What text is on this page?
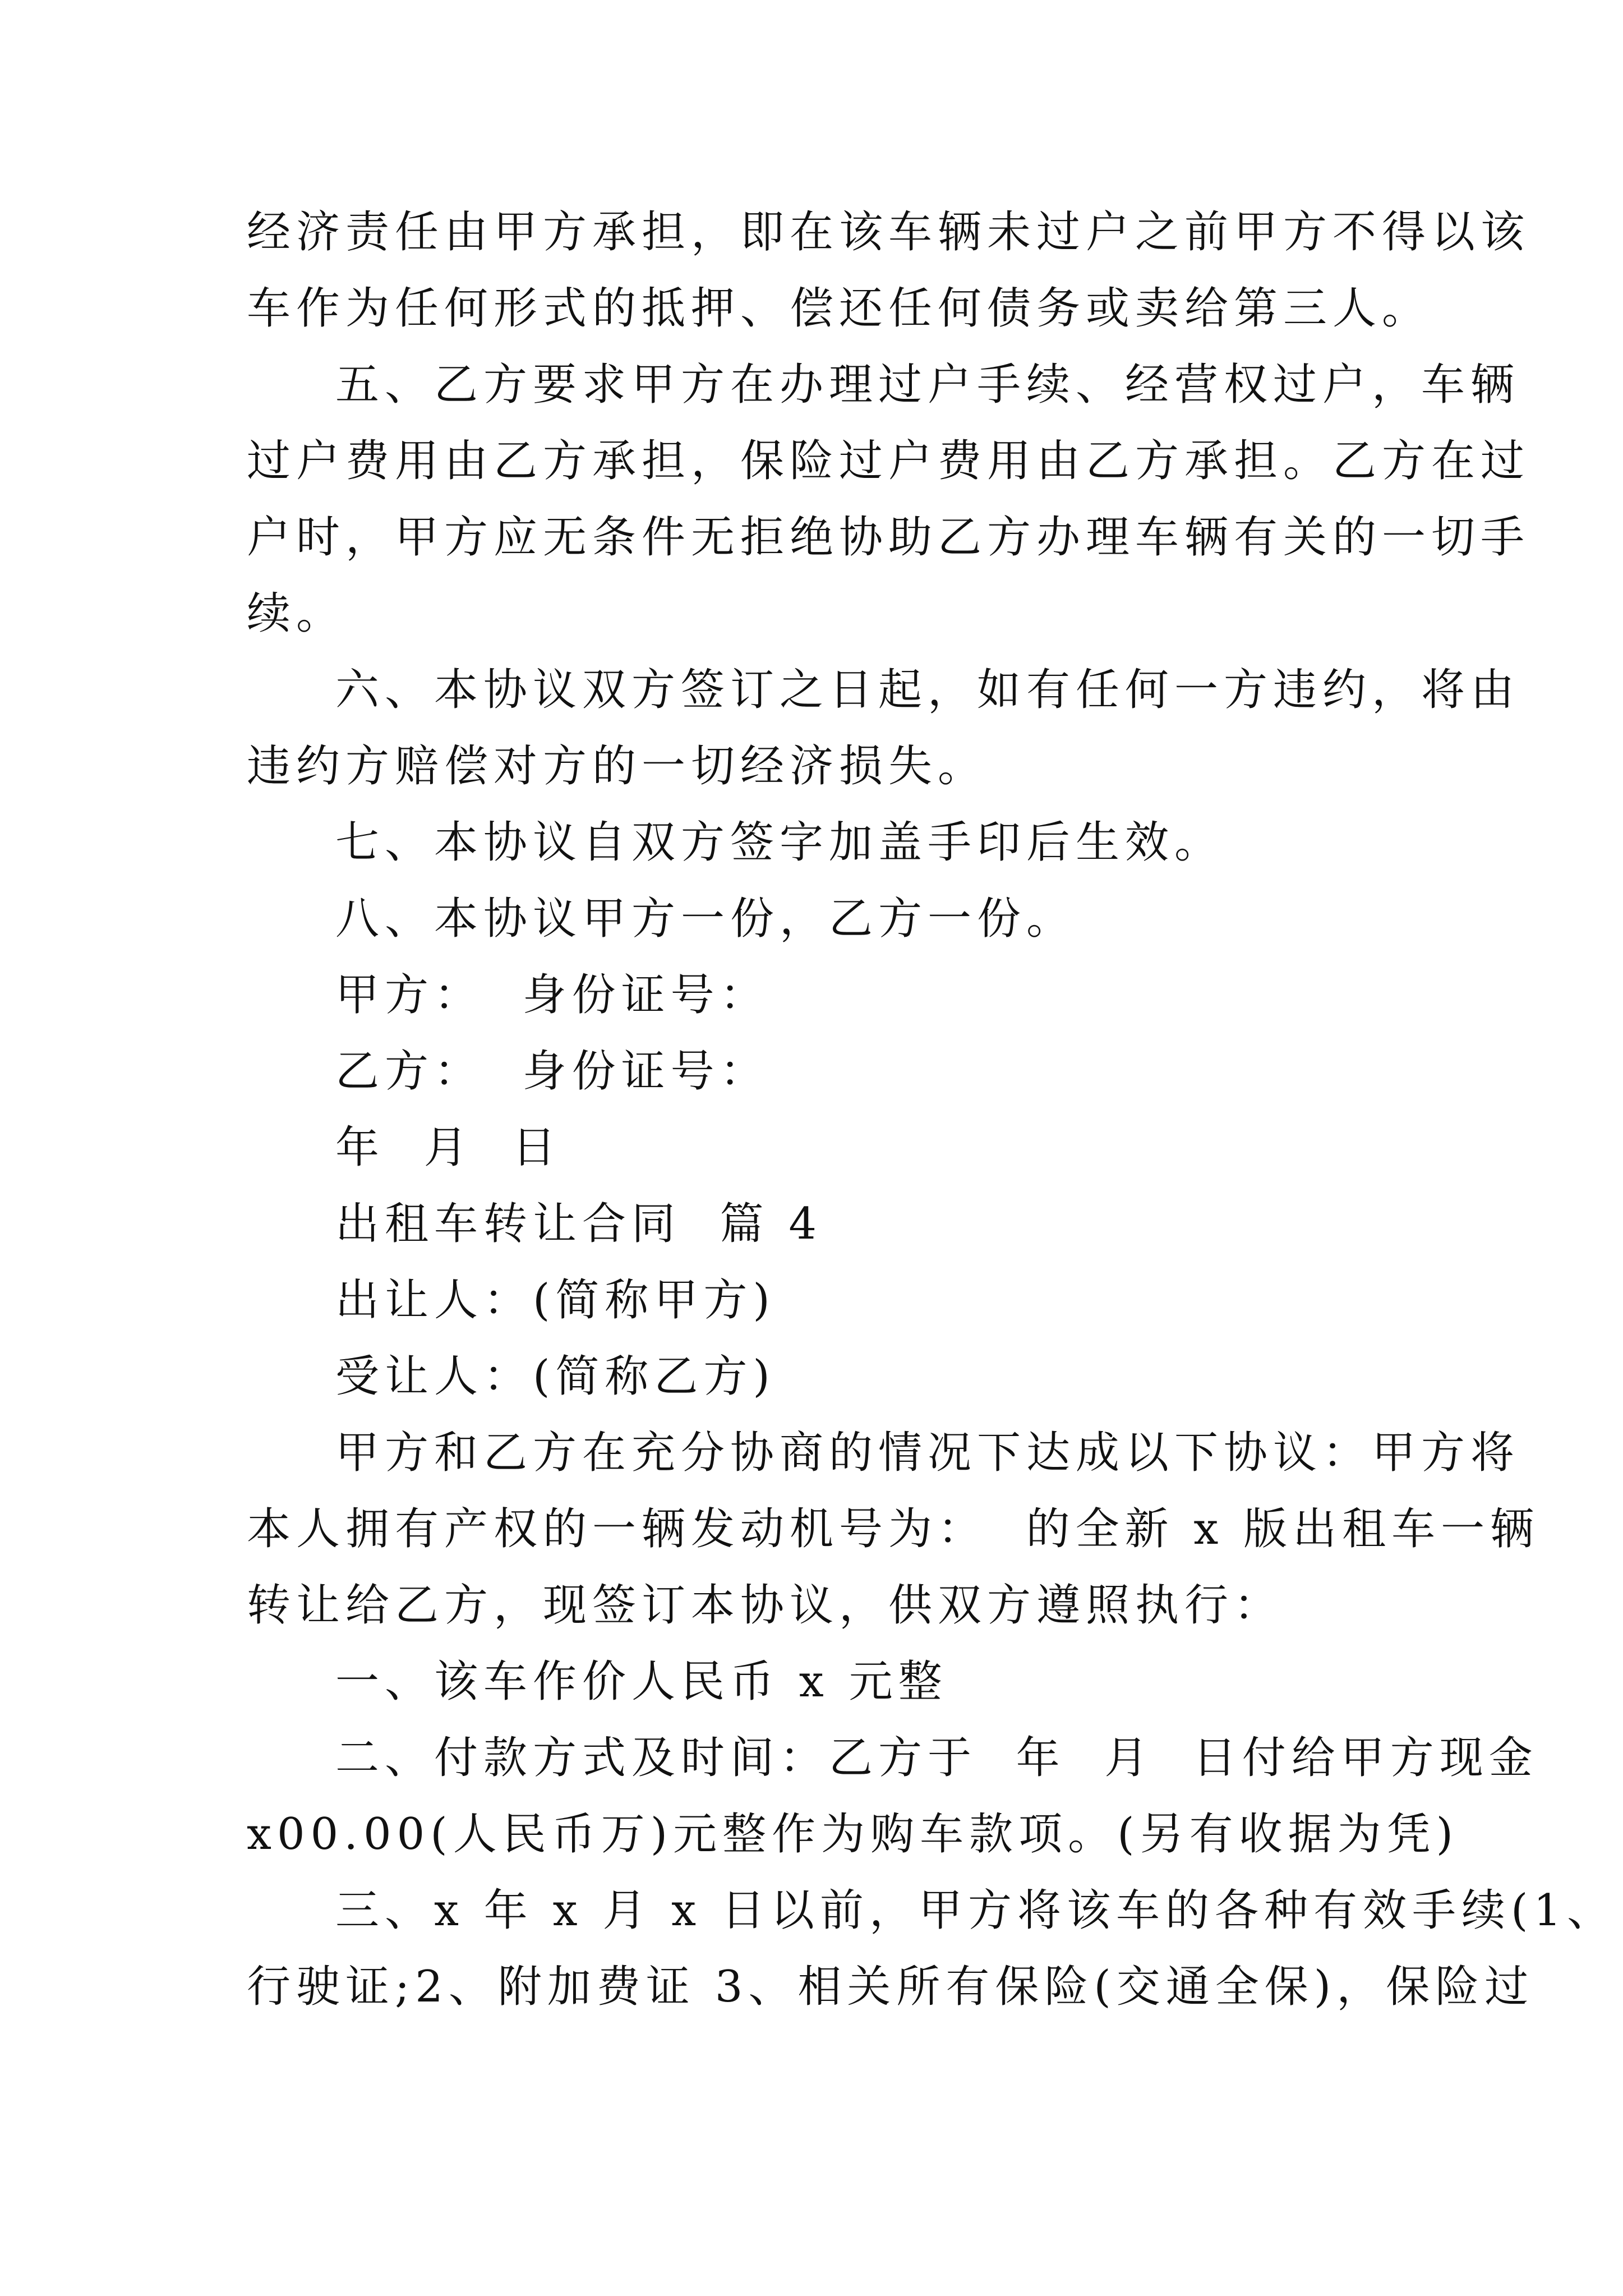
经济责任由甲方承担，即在该车辆未过户之前甲方不得以该
车作为任何形式的抵押、偿还任何债务或卖给第三人。
五、乙方要求甲方在办理过户手续、经营权过户，车辆
过户费用由乙方承担，保险过户费用由乙方承担。乙方在过
户时，甲方应无条件无拒绝协助乙方办理车辆有关的一切手
续。
六、本协议双方签订之日起，如有任何一方违约，将由
违约方赔偿对方的一切经济损失。
七、本协议自双方签字加盖手印后生效。
八、本协议甲方一份，乙方一份。
甲方：  身份证号：
乙方：  身份证号：
年  月  日
出租车转让合同  篇 4
出让人：(简称甲方)
受让人：(简称乙方)
甲方和乙方在充分协商的情况下达成以下协议：甲方将
本人拥有产权的一辆发动机号为：  的全新 x 版出租车一辆
转让给乙方，现签订本协议，供双方遵照执行：
一、该车作价人民币 x 元整
二、付款方式及时间：乙方于  年  月  日付给甲方现金
x00.00(人民币万)元整作为购车款项。(另有收据为凭)
三、x 年 x 月 x 日以前，甲方将该车的各种有效手续(1、
行驶证;2、附加费证 3、相关所有保险(交通全保)，保险过
